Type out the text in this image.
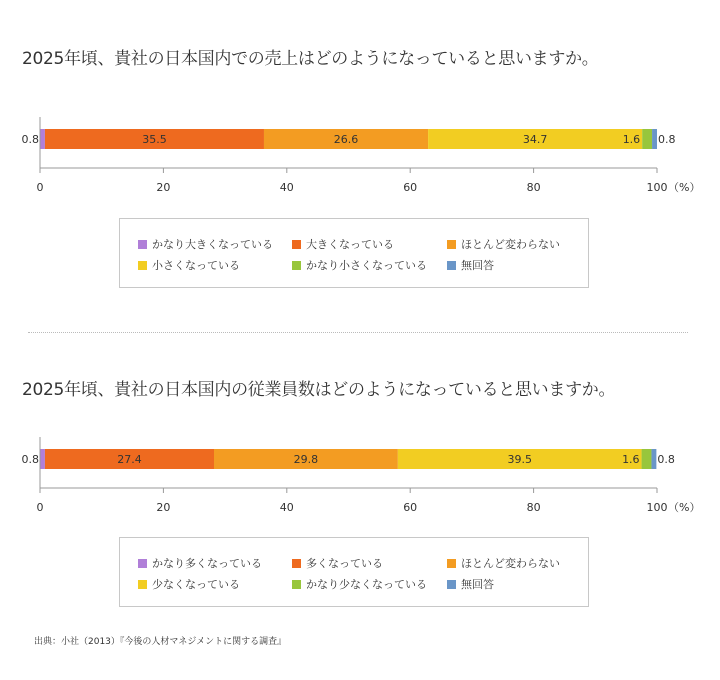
2025年頃、貴社の日本国内での売上はどのようになっていると思いますか。
0.8	35.5	26.6	34.7	1.6 0.8
0	20	40	60	80	100 （%）
かなり大きくなっている	大きくなっている	ほとんど変わらない
小さくなっている	かなり小さくなっている	無回答
2025年頃、貴社の日本国内の従業員数はどのようになっていると思いますか。
0.8	27.4	29.8	39.5	1.6 0.8
0	20	40	60	80	100 （%）
かなり多くなっている	多くなっている	ほとんど変わらない
少なくなっている	かなり少なくなっている	無回答
出典：小社（2013）『今後の人材マネジメントに関する調査』
